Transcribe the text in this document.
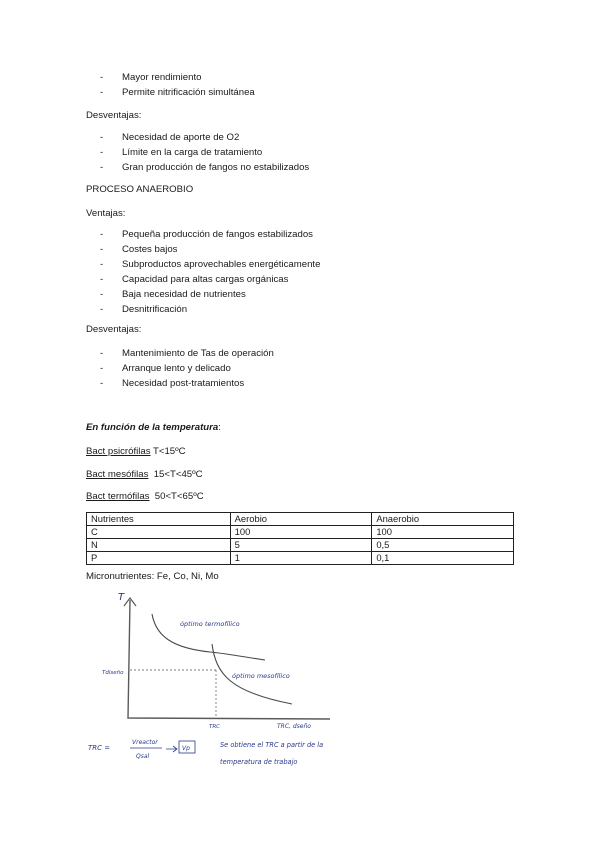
- Mayor rendimiento
- Permite nitrificación simultánea
Desventajas:
- Necesidad de aporte de O2
- Límite en la carga de tratamiento
- Gran producción de fangos no estabilizados
PROCESO ANAEROBIO
Ventajas:
- Pequeña producción de fangos estabilizados
- Costes bajos
- Subproductos aprovechables energéticamente
- Capacidad para altas cargas orgánicas
- Baja necesidad de nutrientes
- Desnitrificación
Desventajas:
- Mantenimiento de Tas de operación
- Arranque lento y delicado
- Necesidad post-tratamientos
En función de la temperatura:
Bact psicrófilas T<15ºC
Bact mesófilas  15<T<45ºC
Bact termófilas  50<T<65ºC
Nutrientes	Aerobio	Anaerobio
C	100	100
N	5	0,5
P	1	0,1
Micronutrientes: Fe, Co, Ni, Mo
T
óptimo termofílico
óptimo mesofílico
Tdiseño
TRC	TRC, dseño
TRC =
Vreactor
Qsal
Vp	Se obtiene el TRC a partir de la
temperatura de trabajo
